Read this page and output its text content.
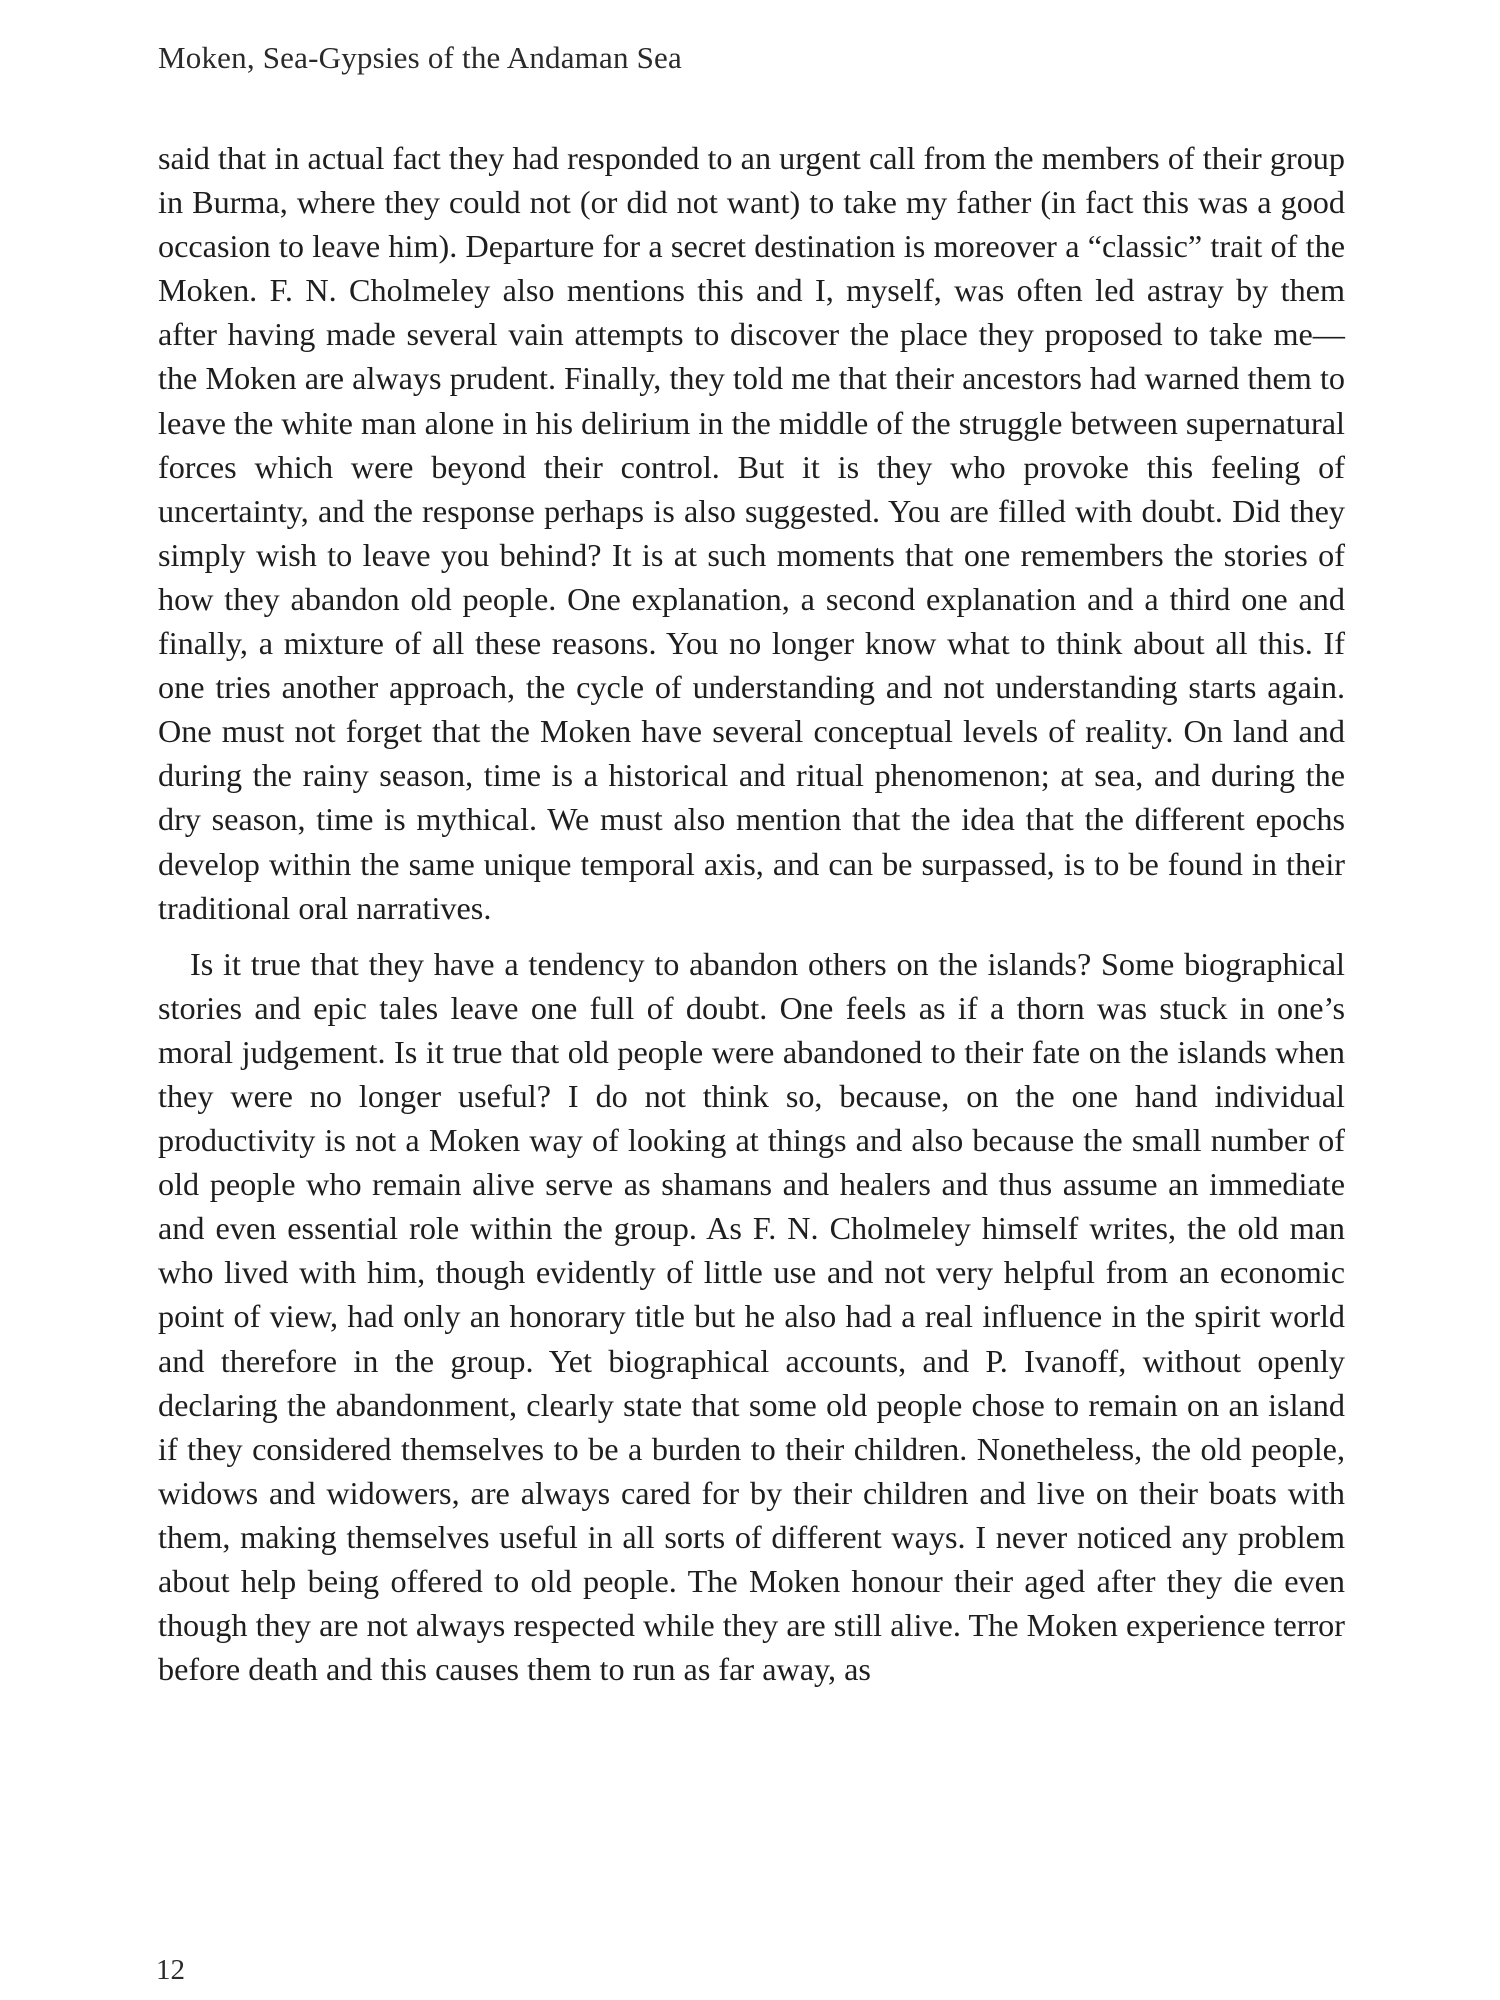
Moken, Sea-Gypsies of the Andaman Sea

said that in actual fact they had responded to an urgent call from the members of their group in Burma, where they could not (or did not want) to take my father (in fact this was a good occasion to leave him). Departure for a secret destination is moreover a “classic” trait of the Moken. F. N. Cholmeley also mentions this and I, myself, was often led astray by them after having made several vain attempts to discover the place they proposed to take me—the Moken are always prudent. Finally, they told me that their ancestors had warned them to leave the white man alone in his delirium in the middle of the struggle between supernatural forces which were beyond their control. But it is they who provoke this feeling of uncertainty, and the response perhaps is also suggested. You are filled with doubt. Did they simply wish to leave you behind? It is at such moments that one remembers the stories of how they abandon old people. One explanation, a second explanation and a third one and finally, a mixture of all these reasons. You no longer know what to think about all this. If one tries another approach, the cycle of understanding and not understanding starts again. One must not forget that the Moken have several conceptual levels of reality. On land and during the rainy season, time is a historical and ritual phenomenon; at sea, and during the dry season, time is mythical. We must also mention that the idea that the different epochs develop within the same unique temporal axis, and can be surpassed, is to be found in their traditional oral narratives.

Is it true that they have a tendency to abandon others on the islands? Some biographical stories and epic tales leave one full of doubt. One feels as if a thorn was stuck in one’s moral judgement. Is it true that old people were abandoned to their fate on the islands when they were no longer useful? I do not think so, because, on the one hand individual productivity is not a Moken way of looking at things and also because the small number of old people who remain alive serve as shamans and healers and thus assume an immediate and even essential role within the group. As F. N. Cholmeley himself writes, the old man who lived with him, though evidently of little use and not very helpful from an economic point of view, had only an honorary title but he also had a real influence in the spirit world and therefore in the group. Yet biographical accounts, and P. Ivanoff, without openly declaring the abandonment, clearly state that some old people chose to remain on an island if they considered themselves to be a burden to their children. Nonetheless, the old people, widows and widowers, are always cared for by their children and live on their boats with them, making themselves useful in all sorts of different ways. I never noticed any problem about help being offered to old people. The Moken honour their aged after they die even though they are not always respected while they are still alive. The Moken experience terror before death and this causes them to run as far away, as

12
